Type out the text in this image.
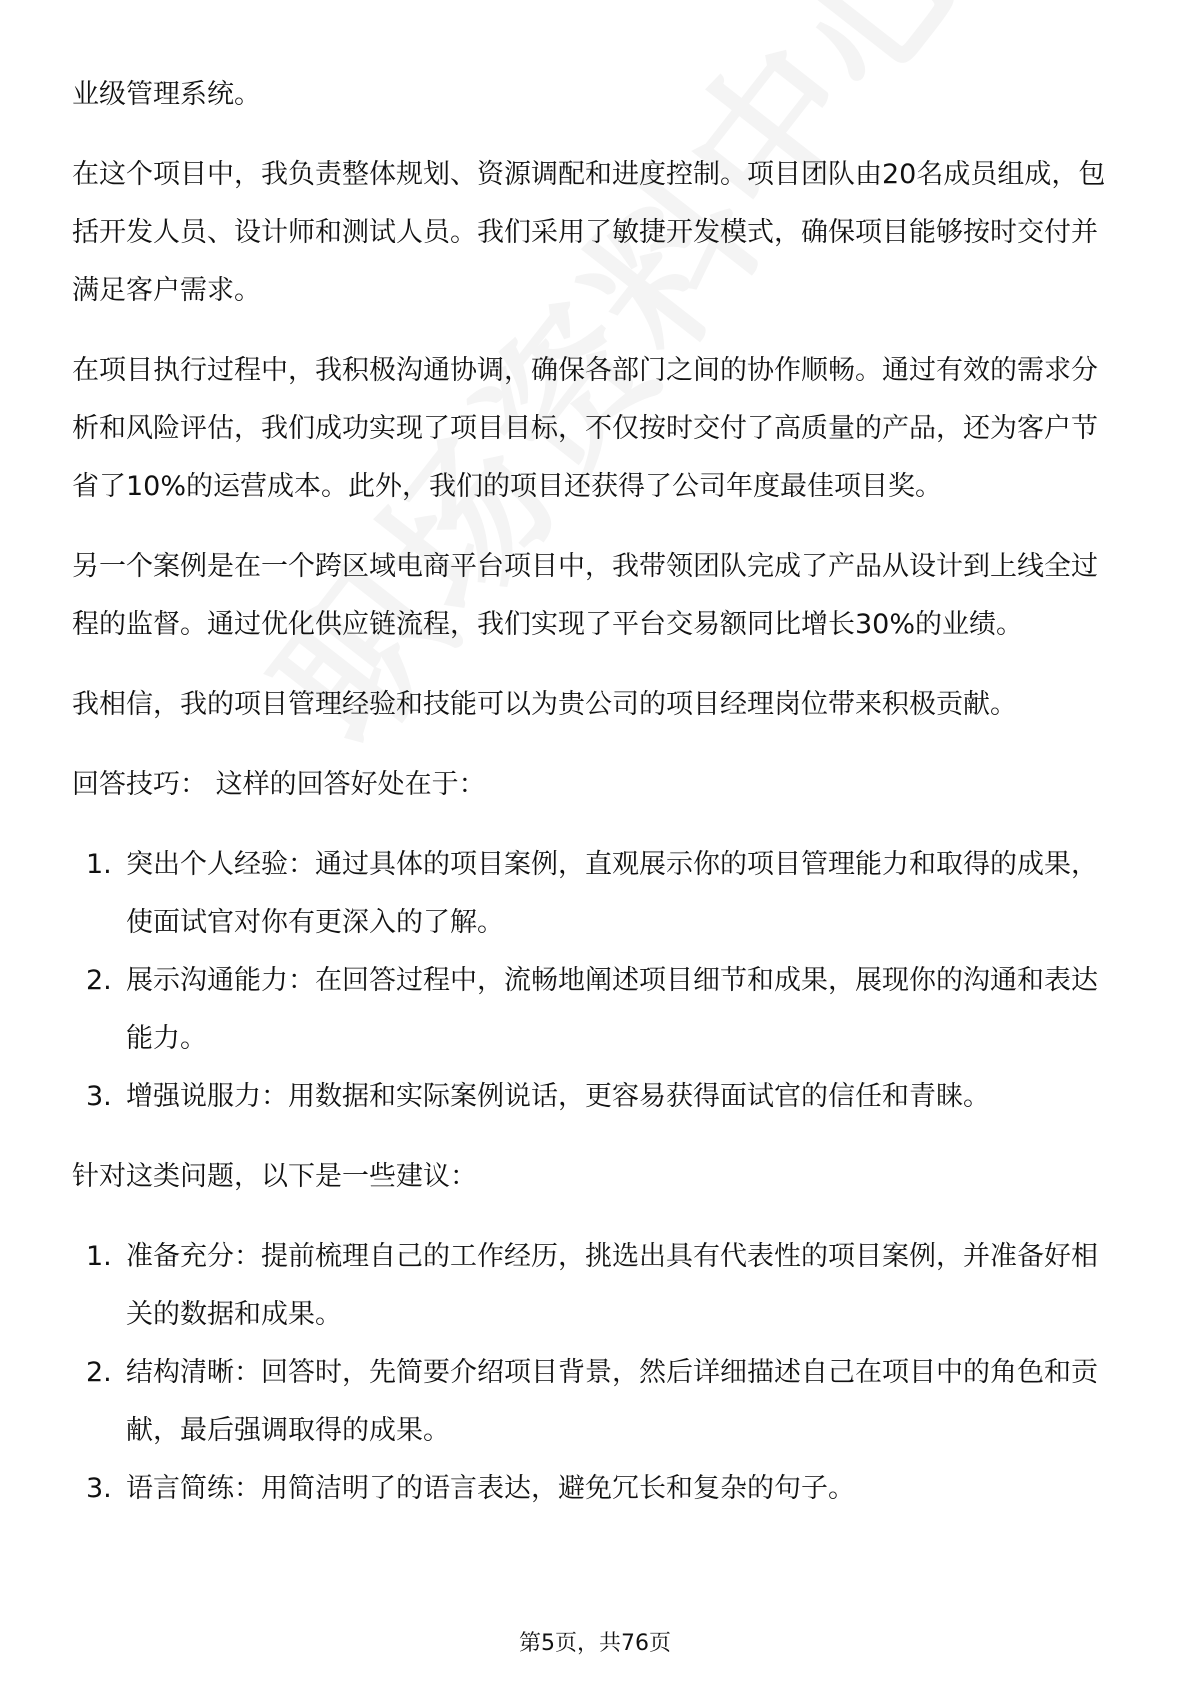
业级管理系统。

在这个项目中，我负责整体规划、资源调配和进度控制。项目团队由20名成员组成，包括开发人员、设计师和测试人员。我们采用了敏捷开发模式，确保项目能够按时交付并满足客户需求。

在项目执行过程中，我积极沟通协调，确保各部门之间的协作顺畅。通过有效的需求分析和风险评估，我们成功实现了项目目标，不仅按时交付了高质量的产品，还为客户节省了10%的运营成本。此外，我们的项目还获得了公司年度最佳项目奖。

另一个案例是在一个跨区域电商平台项目中，我带领团队完成了产品从设计到上线全过程的监督。通过优化供应链流程，我们实现了平台交易额同比增长30%的业绩。

我相信，我的项目管理经验和技能可以为贵公司的项目经理岗位带来积极贡献。

回答技巧： 这样的回答好处在于：

1. 突出个人经验：通过具体的项目案例，直观展示你的项目管理能力和取得的成果，使面试官对你有更深入的了解。
2. 展示沟通能力：在回答过程中，流畅地阐述项目细节和成果，展现你的沟通和表达能力。
3. 增强说服力：用数据和实际案例说话，更容易获得面试官的信任和青睐。

针对这类问题，以下是一些建议：

1. 准备充分：提前梳理自己的工作经历，挑选出具有代表性的项目案例，并准备好相关的数据和成果。
2. 结构清晰：回答时，先简要介绍项目背景，然后详细描述自己在项目中的角色和贡献，最后强调取得的成果。
3. 语言简练：用简洁明了的语言表达，避免冗长和复杂的句子。
第5页，共76页
